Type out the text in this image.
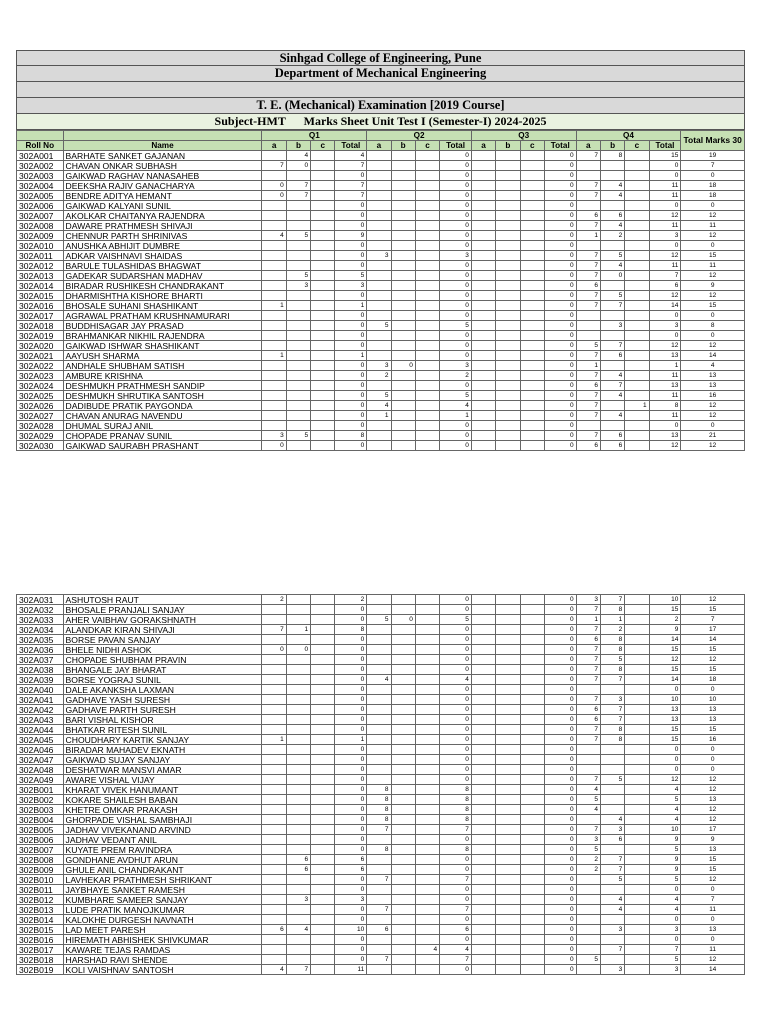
Sinhgad College of Engineering, Pune
Department of Mechanical Engineering
T. E. (Mechanical) Examination [2019 Course]
Subject-HMT      Marks Sheet Unit Test I (Semester-I) 2024-2025
		Q1				Q2				Q3				Q4				Total Marks 30
Roll No	Name	a	b	c	Total	a	b	c	Total	a	b	c	Total	a	b	c	Total	
302A001	BARHATE SANKET GAJANAN		4		4				0				0	7	8		15	19
302A002	CHAVAN ONKAR SUBHASH	7	0		7				0				0				0	7
302A003	GAIKWAD RAGHAV NANASAHEB				0				0				0				0	0
302A004	DEEKSHA RAJIV GANACHARYA	0	7		7				0				0	7	4		11	18
302A005	BENDRE ADITYA HEMANT	0	7		7				0				0	7	4		11	18
302A006	GAIKWAD KALYANI SUNIL				0				0				0				0	0
302A007	AKOLKAR CHAITANYA RAJENDRA				0				0				0	6	6		12	12
302A008	DAWARE PRATHMESH SHIVAJI				0				0				0	7	4		11	11
302A009	CHENNUR PARTH SHRINIVAS	4	5		9				0				0	1	2		3	12
302A010	ANUSHKA ABHIJIT DUMBRE				0				0				0				0	0
302A011	ADKAR VAISHNAVI SHAIDAS				0	3			3				0	7	5		12	15
302A012	BARULE TULASHIDAS BHAGWAT				0				0				0	7	4		11	11
302A013	GADEKAR SUDARSHAN MADHAV		5		5				0				0	7	0		7	12
302A014	BIRADAR RUSHIKESH CHANDRAKANT		3		3				0				0	6			6	9
302A015	DHARMISHTHA KISHORE BHARTI				0				0				0	7	5		12	12
302A016	BHOSALE SUHANI SHASHIKANT	1			1				0				0	7	7		14	15
302A017	AGRAWAL PRATHAM KRUSHNAMURARI				0				0				0				0	0
302A018	BUDDHISAGAR JAY PRASAD				0	5			5				0		3		3	8
302A019	BRAHMANKAR NIKHIL RAJENDRA				0				0				0				0	0
302A020	GAIKWAD ISHWAR SHASHIKANT				0				0				0	5	7		12	12
302A021	AAYUSH SHARMA	1			1				0				0	7	6		13	14
302A022	ANDHALE SHUBHAM SATISH				0	3	0		3				0	1			1	4
302A023	AMBURE KRISHNA				0	2			2				0	7	4		11	13
302A024	DESHMUKH PRATHMESH SANDIP				0				0				0	6	7		13	13
302A025	DESHMUKH SHRUTIKA SANTOSH				0	5			5				0	7	4		11	16
302A026	DADIBUDE PRATIK PAYGONDA				0	4			4				0	7		1	8	12
302A027	CHAVAN ANURAG NAVENDU				0	1			1				0	7	4		11	12
302A028	DHUMAL SURAJ ANIL				0				0				0				0	0
302A029	CHOPADE PRANAV SUNIL	3	5		8				0				0	7	6		13	21
302A030	GAIKWAD SAURABH PRASHANT	0			0				0				0	6	6		12	12
302A031	ASHUTOSH RAUT	2			2				0				0	3	7		10	12
302A032	BHOSALE PRANJALI SANJAY				0				0				0	7	8		15	15
302A033	AHER VAIBHAV GORAKSHNATH				0	5	0		5				0	1	1		2	7
302A034	ALANDKAR KIRAN SHIVAJI	7	1		8				0				0	7	2		9	17
302A035	BORSE PAVAN SANJAY				0				0				0	6	8		14	14
302A036	BHELE NIDHI ASHOK	0	0		0				0				0	7	8		15	15
302A037	CHOPADE SHUBHAM PRAVIN				0				0				0	7	5		12	12
302A038	BHANGALE JAY BHARAT				0				0				0	7	8		15	15
302A039	BORSE YOGRAJ SUNIL				0	4			4				0	7	7		14	18
302A040	DALE AKANKSHA LAXMAN				0				0				0				0	0
302A041	GADHAVE YASH SURESH				0				0				0	7	3		10	10
302A042	GADHAVE PARTH SURESH				0				0				0	6	7		13	13
302A043	BARI VISHAL KISHOR				0				0				0	6	7		13	13
302A044	BHATKAR RITESH SUNIL				0				0				0	7	8		15	15
302A045	CHOUDHARY KARTIK SANJAY	1			1				0				0	7	8		15	16
302A046	BIRADAR MAHADEV EKNATH				0				0				0				0	0
302A047	GAIKWAD SUJAY SANJAY				0				0				0				0	0
302A048	DESHATWAR MANSVI AMAR				0				0				0				0	0
302A049	AWARE VISHAL VIJAY				0				0				0	7	5		12	12
302B001	KHARAT VIVEK HANUMANT				0	8			8				0	4			4	12
302B002	KOKARE SHAILESH BABAN				0	8			8				0	5			5	13
302B003	KHETRE OMKAR PRAKASH				0	8			8				0	4			4	12
302B004	GHORPADE VISHAL SAMBHAJI				0	8			8				0		4		4	12
302B005	JADHAV VIVEKANAND ARVIND				0	7			7				0	7	3		10	17
302B006	JADHAV VEDANT ANIL				0				0				0	3	6		9	9
302B007	KUYATE PREM RAVINDRA				0	8			8				0	5			5	13
302B008	GONDHANE AVDHUT ARUN		6		6				0				0	2	7		9	15
302B009	GHULE ANIL CHANDRAKANT		6		6				0				0	2	7		9	15
302B010	LAVHEKAR PRATHMESH SHRIKANT				0	7			7				0		5		5	12
302B011	JAYBHAYE SANKET RAMESH				0				0				0				0	0
302B012	KUMBHARE SAMEER SANJAY		3		3				0				0		4		4	7
302B013	LUDE PRATIK MANOJKUMAR				0	7			7				0		4		4	11
302B014	KALOKHE DURGESH NAVNATH				0				0				0				0	0
302B015	LAD MEET PARESH	6	4		10	6			6				0		3		3	13
302B016	HIREMATH ABHISHEK SHIVKUMAR				0				0				0				0	0
302B017	KAWARE TEJAS RAMDAS				0			4	4				0		7		7	11
302B018	HARSHAD RAVI SHENDE				0	7			7				0	5			5	12
302B019	KOLI VAISHNAV SANTOSH	4	7		11				0				0		3		3	14
